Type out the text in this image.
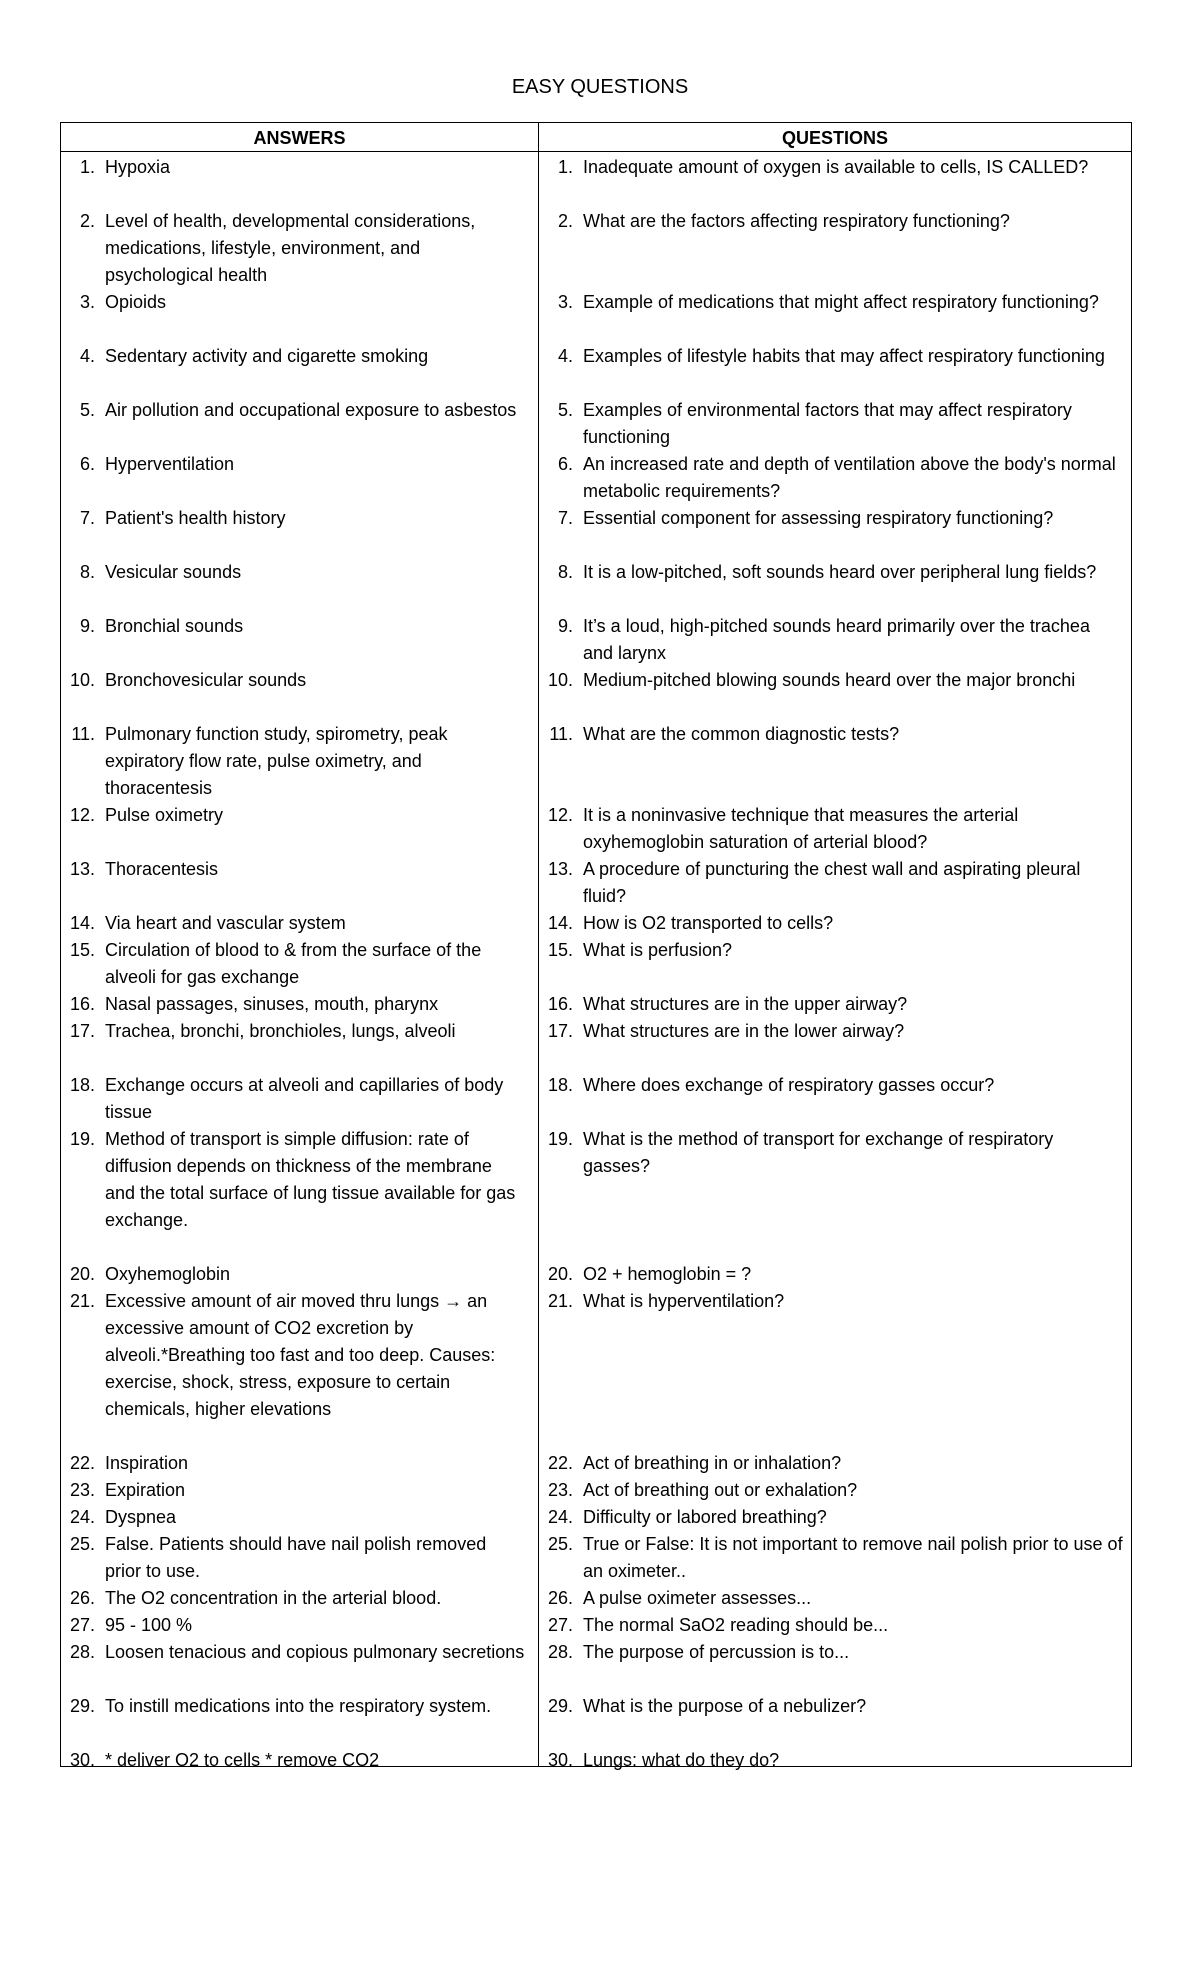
EASY QUESTIONS
ANSWERS	QUESTIONS
1. Hypoxia
2. Level of health, developmental considerations, medications, lifestyle, environment, and psychological health
3. Opioids
4. Sedentary activity and cigarette smoking
5. Air pollution and occupational exposure to asbestos
6. Hyperventilation
7. Patient's health history
8. Vesicular sounds
9. Bronchial sounds
10. Bronchovesicular sounds
11. Pulmonary function study, spirometry, peak expiratory flow rate, pulse oximetry, and thoracentesis
12. Pulse oximetry
13. Thoracentesis
14. Via heart and vascular system
15. Circulation of blood to & from the surface of the alveoli for gas exchange
16. Nasal passages, sinuses, mouth, pharynx
17. Trachea, bronchi, bronchioles, lungs, alveoli
18. Exchange occurs at alveoli and capillaries of body tissue
19. Method of transport is simple diffusion: rate of diffusion depends on thickness of the membrane and the total surface of lung tissue available for gas exchange.
20. Oxyhemoglobin
21. Excessive amount of air moved thru lungs → an excessive amount of CO2 excretion by alveoli.*Breathing too fast and too deep. Causes: exercise, shock, stress, exposure to certain chemicals, higher elevations
22. Inspiration
23. Expiration
24. Dyspnea
25. False. Patients should have nail polish removed prior to use.
26. The O2 concentration in the arterial blood.
27. 95 - 100 %
28. Loosen tenacious and copious pulmonary secretions
29. To instill medications into the respiratory system.
30. * deliver O2 to cells * remove CO2
1. Inadequate amount of oxygen is available to cells, IS CALLED?
2. What are the factors affecting respiratory functioning?
3. Example of medications that might affect respiratory functioning?
4. Examples of lifestyle habits that may affect respiratory functioning
5. Examples of environmental factors that may affect respiratory functioning
6. An increased rate and depth of ventilation above the body's normal metabolic requirements?
7. Essential component for assessing respiratory functioning?
8. It is a low-pitched, soft sounds heard over peripheral lung fields?
9. It’s a loud, high-pitched sounds heard primarily over the trachea and larynx
10. Medium-pitched blowing sounds heard over the major bronchi
11. What are the common diagnostic tests?
12. It is a noninvasive technique that measures the arterial oxyhemoglobin saturation of arterial blood?
13. A procedure of puncturing the chest wall and aspirating pleural fluid?
14. How is O2 transported to cells?
15. What is perfusion?
16. What structures are in the upper airway?
17. What structures are in the lower airway?
18. Where does exchange of respiratory gasses occur?
19. What is the method of transport for exchange of respiratory gasses?
20. O2 + hemoglobin = ?
21. What is hyperventilation?
22. Act of breathing in or inhalation?
23. Act of breathing out or exhalation?
24. Difficulty or labored breathing?
25. True or False: It is not important to remove nail polish prior to use of an oximeter..
26. A pulse oximeter assesses...
27. The normal SaO2 reading should be...
28. The purpose of percussion is to...
29. What is the purpose of a nebulizer?
30. Lungs: what do they do?
